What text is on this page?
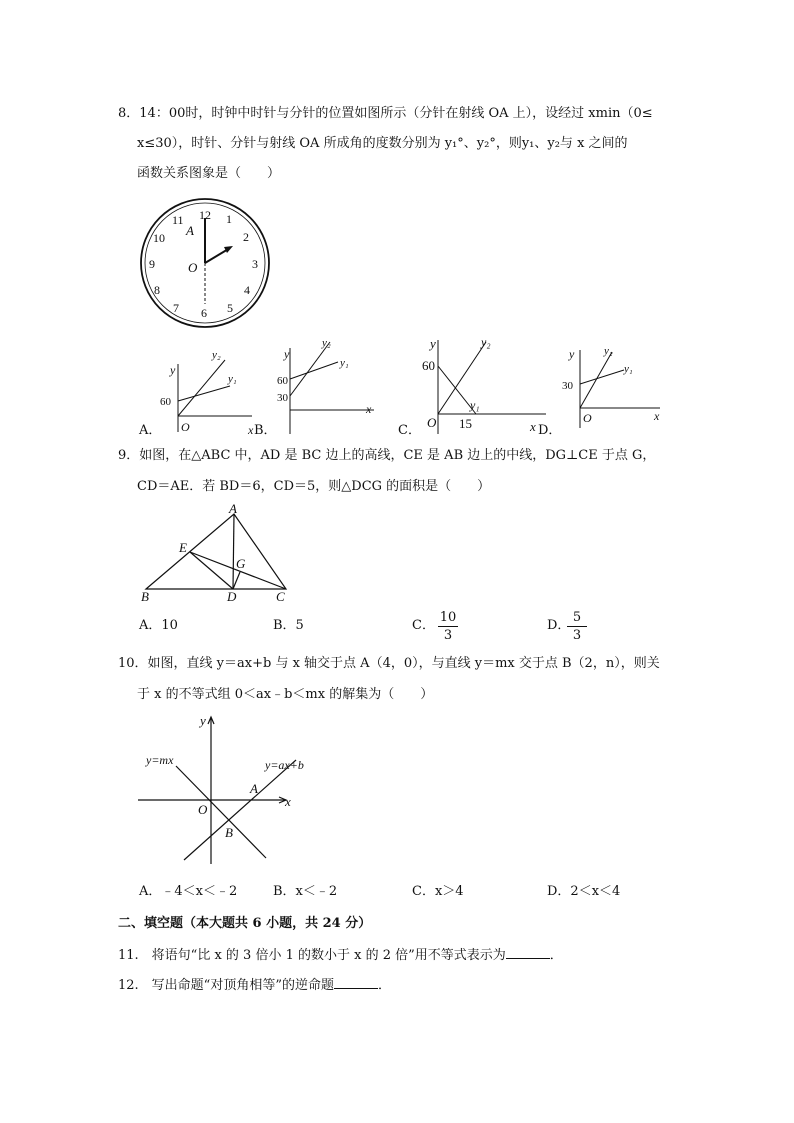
8．14：00时，时钟中时针与分针的位置如图所示（分针在射线 OA 上），设经过 xmin（0≤
x≤30），时针、分针与射线 OA 所成角的度数分别为 y₁°、y₂°，则y₁、y₂与 x 之间的
函数关系图象是（　　）
12 1
2
3
4
5
6
7
8
9
10
11
A
O
A．
y
y₂
y₁
60
O	x B．
y
y₂
y₁
60
30
x
C．
y	y₂
y₁
60
O 15	x D．
y	y₂
y₁
30
O	x
9．如图，在△ABC 中，AD 是 BC 边上的高线，CE 是 AB 边上的中线，DG⊥CE 于点 G，
CD＝AE．若 BD＝6，CD＝5，则△DCG 的面积是（　　）
A
B	C
D
E
G
A．10	B．5	C． $\frac{10}{3}$	D．
$\frac{5}{3}$
10．如图，直线 y＝ax+b 与 x 轴交于点 A（4，0），与直线 y＝mx 交于点 B（2，n），则关
于 x 的不等式组 0＜ax﹣b＜mx 的解集为（　　）
y
x
O
A
B
y=mx	y=ax+b
A．﹣4＜x＜﹣2	B．x＜﹣2	C．x＞4	D．2＜x＜4
二、填空题（本大题共 6 小题，共 24 分）
11.　将语句“比 x 的 3 倍小 1 的数小于 x 的 2 倍”用不等式表示为	．
12.　写出命题“对顶角相等”的逆命题	．
